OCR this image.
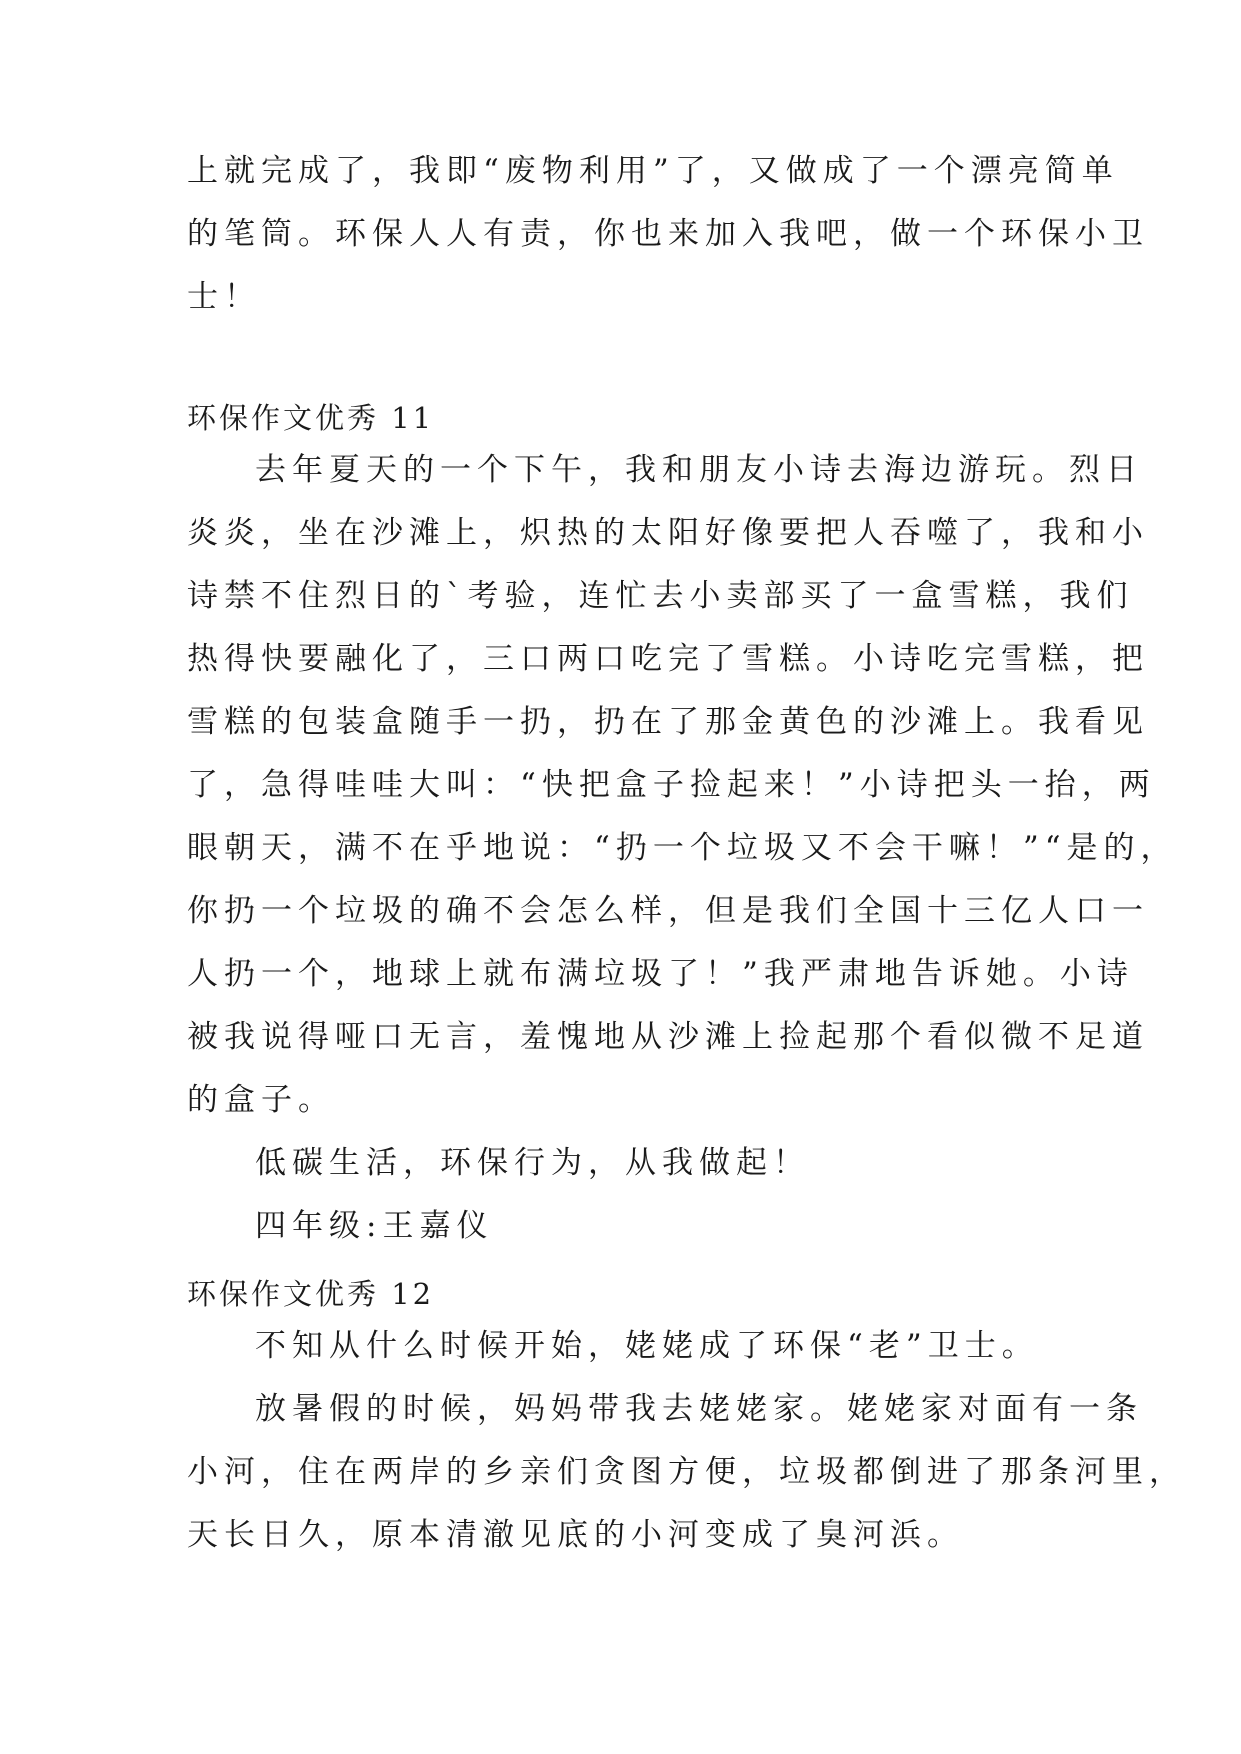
上就完成了，我即“废物利用”了，又做成了一个漂亮简单
的笔筒。环保人人有责，你也来加入我吧，做一个环保小卫
士！
环保作文优秀 11
去年夏天的一个下午，我和朋友小诗去海边游玩。烈日
炎炎，坐在沙滩上，炽热的太阳好像要把人吞噬了，我和小
诗禁不住烈日的`考验，连忙去小卖部买了一盒雪糕，我们
热得快要融化了，三口两口吃完了雪糕。小诗吃完雪糕，把
雪糕的包装盒随手一扔，扔在了那金黄色的沙滩上。我看见
了，急得哇哇大叫：“快把盒子捡起来！”小诗把头一抬，两
眼朝天，满不在乎地说：“扔一个垃圾又不会干嘛！”“是的，
你扔一个垃圾的确不会怎么样，但是我们全国十三亿人口一
人扔一个，地球上就布满垃圾了！”我严肃地告诉她。小诗
被我说得哑口无言，羞愧地从沙滩上捡起那个看似微不足道
的盒子。
低碳生活，环保行为，从我做起！
四年级:王嘉仪
环保作文优秀 12
不知从什么时候开始，姥姥成了环保“老”卫士。
放暑假的时候，妈妈带我去姥姥家。姥姥家对面有一条
小河，住在两岸的乡亲们贪图方便，垃圾都倒进了那条河里，
天长日久，原本清澈见底的小河变成了臭河浜。
